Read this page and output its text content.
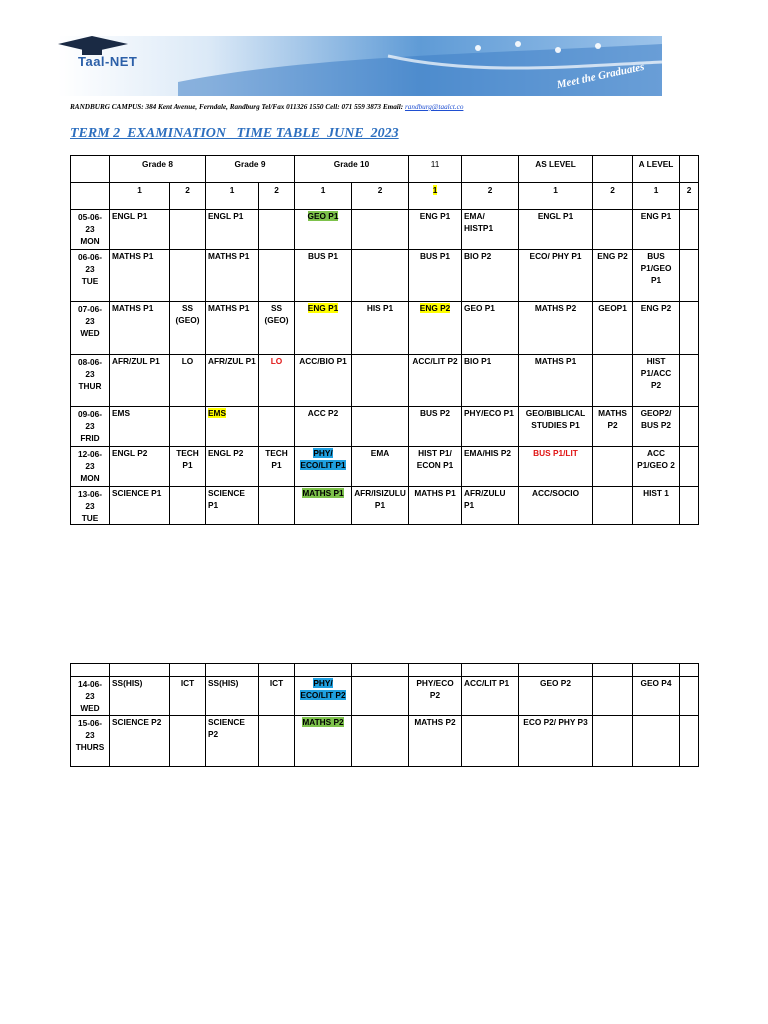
Taal-NET	Meet the Graduates
RANDBURG CAMPUS: 384 Kent Avenue, Ferndale, Randburg Tel/Fax 011326 1550 Cell: 071 559 3873 Email: randburg@taalct.co
TERM 2  EXAMINATION   TIME TABLE  JUNE  2023
	Grade 8		Grade 9		Grade 10		11		AS LEVEL		A LEVEL	
	1	2	1	2	1	2	1	2	1	2	1	2

05-06-
23
MON	ENGL P1		ENGL P1		GEO P1		ENG P1	EMA/ HISTP1	ENGL P1		ENG P1	

06-06-
23
TUE	MATHS P1		MATHS P1		BUS P1		BUS P1	BIO P2	ECO/ PHY P1	ENG P2	BUS P1/GEO P1	

07-06-
23
WED	MATHS P1	SS (GEO)	MATHS P1	SS (GEO)	ENG P1	HIS P1	ENG P2	GEO P1	MATHS P2	GEOP1	ENG P2	

08-06-
23
THUR	AFR/ZUL P1	LO	AFR/ZUL P1	LO	ACC/BIO P1		ACC/LIT P2	BIO P1	MATHS P1		HIST P1/ACC P2	

09-06-
23
FRID	EMS		EMS		ACC P2		BUS P2	PHY/ECO P1	GEO/BIBLICAL STUDIES P1	MATHS P2	GEOP2/ BUS P2	

12-06-
23
MON	ENGL P2	TECH P1	ENGL P2	TECH P1	PHY/ ECO/LIT P1	EMA	HIST P1/ ECON P1	EMA/HIS P2	BUS P1/LIT		ACC P1/GEO 2	

13-06-
23
TUE	SCIENCE P1		SCIENCE P1		MATHS P1	AFR/ISIZULU P1	MATHS P1	AFR/ZULU P1	ACC/SOCIO		HIST 1	

14-06-
23
WED	SS(HIS)	ICT	SS(HIS)	ICT	PHY/ ECO/LIT P2		PHY/ECO P2	ACC/LIT P1	GEO P2		GEO P4	

15-06-
23
THURS	SCIENCE P2		SCIENCE P2		MATHS P2		MATHS P2		ECO P2/ PHY P3			
